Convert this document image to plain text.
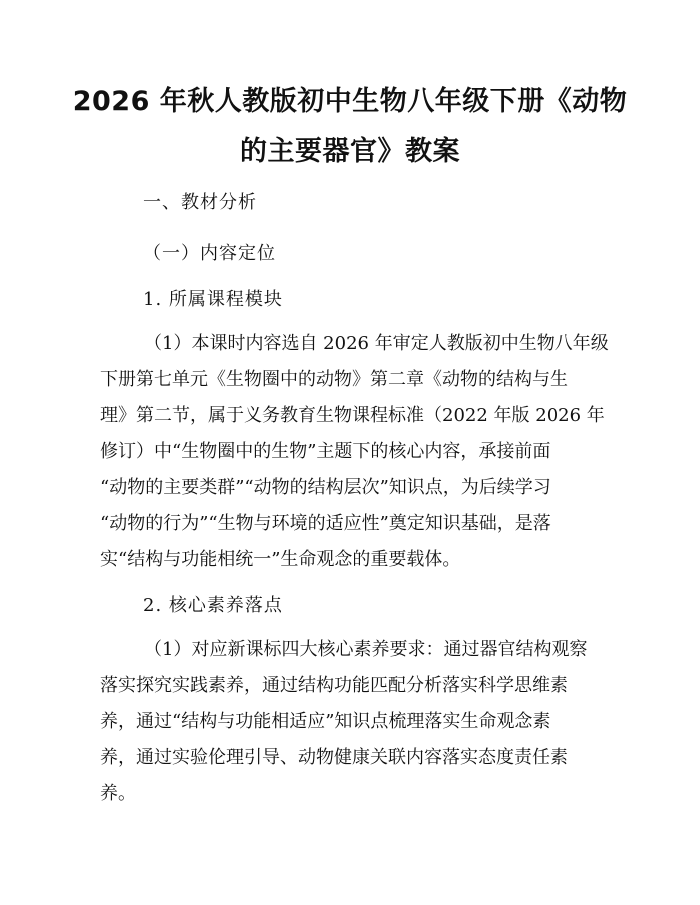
2026 年秋人教版初中生物八年级下册《动物
的主要器官》教案
一、教材分析
（一）内容定位
1. 所属课程模块
（1）本课时内容选自 2026 年审定人教版初中生物八年级
下册第七单元《生物圈中的动物》第二章《动物的结构与生
理》第二节，属于义务教育生物课程标准（2022 年版 2026 年
修订）中“生物圈中的生物”主题下的核心内容，承接前面
“动物的主要类群”“动物的结构层次”知识点，为后续学习
“动物的行为”“生物与环境的适应性”奠定知识基础，是落
实“结构与功能相统一”生命观念的重要载体。
2. 核心素养落点
（1）对应新课标四大核心素养要求：通过器官结构观察
落实探究实践素养，通过结构功能匹配分析落实科学思维素
养，通过“结构与功能相适应”知识点梳理落实生命观念素
养，通过实验伦理引导、动物健康关联内容落实态度责任素
养。
